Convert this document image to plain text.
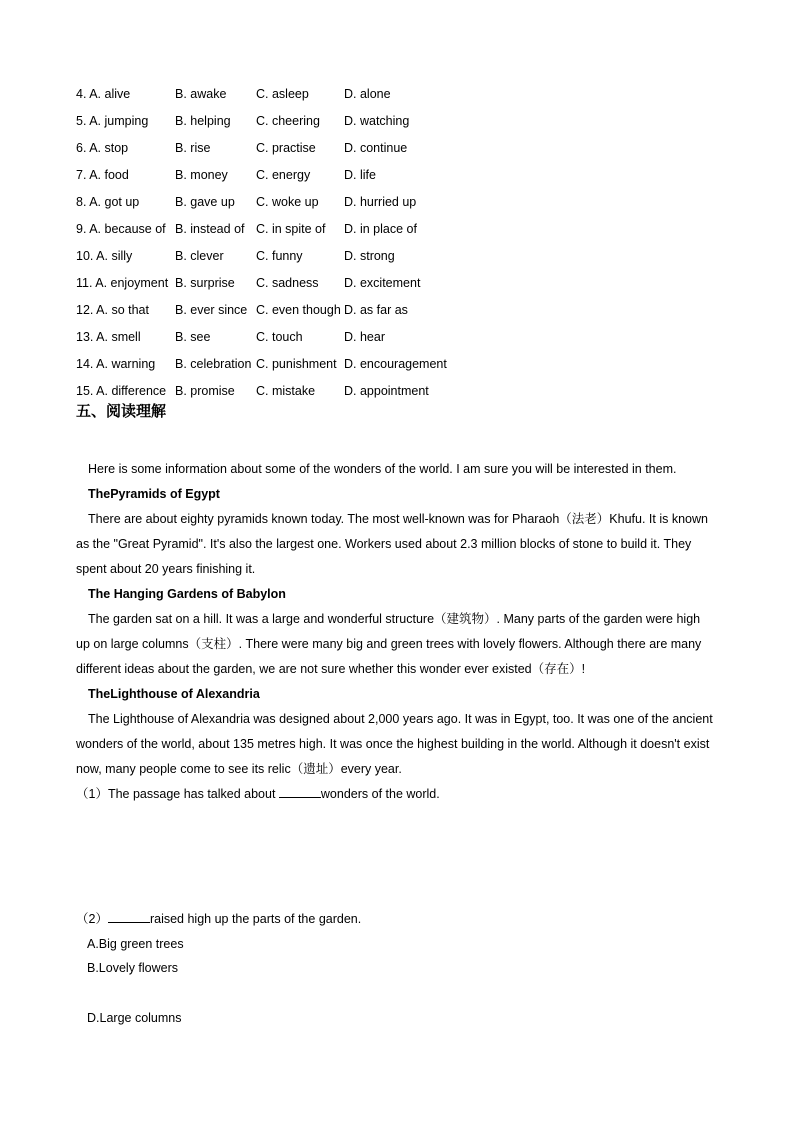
4. A. alive	B. awake	C. asleep	D. alone
5. A. jumping	B. helping	C. cheering	D. watching
6. A. stop	B. rise	C. practise	D. continue
7. A. food	B. money	C. energy	D. life
8. A. got up	B. gave up	C. woke up	D. hurried up
9. A. because of	B. instead of	C. in spite of	D. in place of
10. A. silly	B. clever	C. funny	D. strong
11. A. enjoyment	B. surprise	C. sadness	D. excitement
12. A. so that	B. ever since	C. even though	D. as far as
13. A. smell	B. see	C. touch	D. hear
14. A. warning	B. celebration	C. punishment	D. encouragement
15. A. difference	B. promise	C. mistake	D. appointment
五、阅读理解

Here is some information about some of the wonders of the world. I am sure you will be interested in them.

ThePyramids of Egypt

There are about eighty pyramids known today. The most well-known was for Pharaoh（法老）Khufu. It is known as the "Great Pyramid". It's also the largest one. Workers used about 2.3 million blocks of stone to build it. They spent about 20 years finishing it.

The Hanging Gardens of Babylon

The garden sat on a hill. It was a large and wonderful structure（建筑物）. Many parts of the garden were high up on large columns（支柱）. There were many big and green trees with lovely flowers. Although there are many different ideas about the garden, we are not sure whether this wonder ever existed（存在）!

TheLighthouse of Alexandria

The Lighthouse of Alexandria was designed about 2,000 years ago. It was in Egypt, too. It was one of the ancient wonders of the world, about 135 metres high. It was once the highest building in the world. Although it doesn't exist now, many people come to see its relic（遗址）every year.

（1）The passage has talked about	wonders of the world.
（2）	raised high up the parts of the garden.
A.Big green trees
B.Lovely flowers
D.Large columns
